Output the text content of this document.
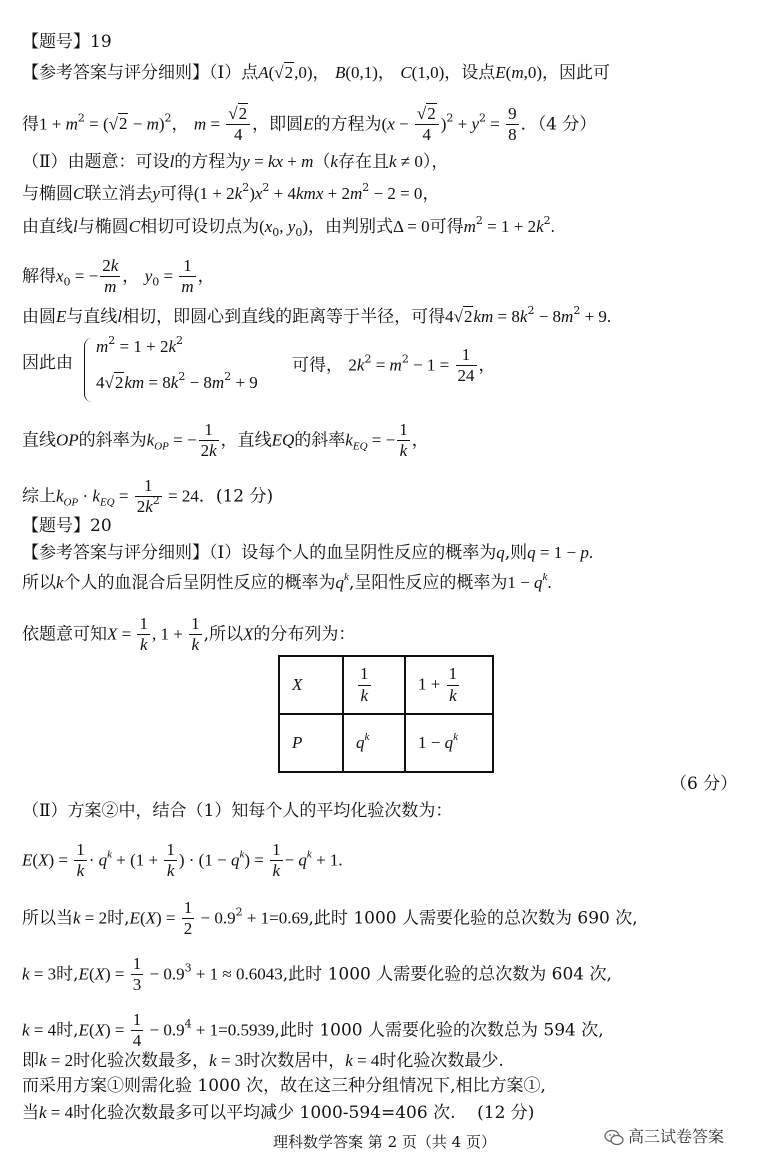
【题号】19
【参考答案与评分细则】（Ⅰ）点A(√2,0)， B(0,1)， C(1,0)，设点E(m,0)，因此可
得$1 + m^2 = (√2 - m)^2$， $m = \frac{√2}{4}$ ，即圆E的方程为$(x - \frac{√2}{4} )^2 + y^2 = \frac{9}{8}$ ．（4 分）
（Ⅱ）由题意：可设l的方程为y = kx + m（k存在且k ≠ 0），
与椭圆C联立消去y可得$(1 + 2k^2)x^2 + 4kmx + 2m^2 - 2 = 0$，
由直线l与椭圆C相切可设切点为($x_0$, $y_0$)，由判别式Δ = 0可得$m^2 = 1 + 2k^2$.
解得$x_0$ = − $\frac{2k}{m}$ ， $y_0 = \frac{1}{m}$ ，
由圆E与直线l相切，即圆心到直线的距离等于半径，可得$4√2km = 8k^2 - 8m^2 + 9$.
因此由
$m^2 = 1 + 2k^2$
$4√2km = 8k^2 - 8m^2 + 9$
可得， $2k^2 = m^2 - 1 = \frac{1}{24}$ ，
直线OP的斜率为$k_{OP}$ = − $\frac{1}{2k}$ ，直线EQ的斜率$k_{EQ}$ = − $\frac{1}{k}$ ，
综上$k_{OP} \cdot k_{EQ} = \frac{1}{2k^2} = 24$．(12 分)
【题号】20
【参考答案与评分细则】（Ⅰ）设每个人的血呈阴性反应的概率为q,则q = 1 − p.
所以k个人的血混合后呈阴性反应的概率为$q^k$,呈阳性反应的概率为$1 - q^k$.
依题意可知$X = \frac{1}{k}$ , $1 + \frac{1}{k}$ ,所以X的分布列为：
X	$\frac{1}{k}$	$1 + \frac{1}{k}$

P	$q^k$	$1 - q^k$
（6 分）
（Ⅱ）方案②中，结合（1）知每个人的平均化验次数为：
$E(X) = \frac{1}{k} \cdot q^k + (1 + \frac{1}{k}$ ) · $(1 - q^k) = \frac{1}{k} - q^k + 1$.
所以当k = 2时$,E(X) = \frac{1}{2} - 0.9^2 + 1=0.69$,此时 1000 人需要化验的总次数为 690 次,
k = 3时$,E(X) = \frac{1}{3} - 0.9^3 + 1 \approx 0.6043$,此时 1000 人需要化验的总次数为 604 次,
k = 4时$,E(X) = \frac{1}{4} - 0.9^4 + 1=0.5939$,此时 1000 人需要化验的次数总为 594 次,
即k = 2时化验次数最多，k = 3时次数居中，k = 4时化验次数最少.
而采用方案①则需化验 1000 次，故在这三种分组情况下,相比方案①,
当k = 4时化验次数最多可以平均减少 1000-594=406 次. (12 分)
理科数学答案 第 2 页（共 4 页）	高三试卷答案
